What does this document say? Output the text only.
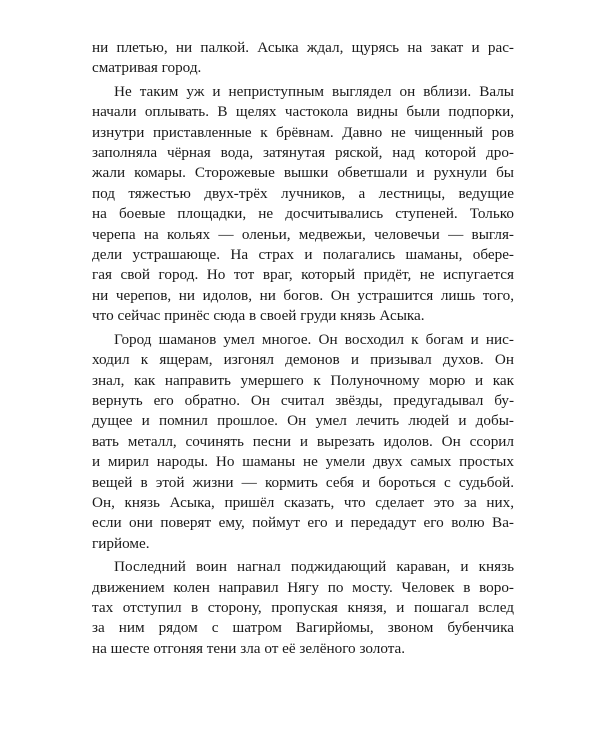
ни плетью, ни палкой. Асыка ждал, щурясь на закат и рас-
сматривая город.

Не таким уж и неприступным выглядел он вблизи. Валы
начали оплывать. В щелях частокола видны были подпорки,
изнутри приставленные к брёвнам. Давно не чищенный ров
заполняла чёрная вода, затянутая ряской, над которой дро-
жали комары. Сторожевые вышки обветшали и рухнули бы
под тяжестью двух-трёх лучников, а лестницы, ведущие
на боевые площадки, не досчитывались ступеней. Только
черепа на кольях — оленьи, медвежьи, человечьи — выгля-
дели устрашающе. На страх и полагались шаманы, обере-
гая свой город. Но тот враг, который придёт, не испугается
ни черепов, ни идолов, ни богов. Он устрашится лишь того,
что сейчас принёс сюда в своей груди князь Асыка.

Город шаманов умел многое. Он восходил к богам и нис-
ходил к ящерам, изгонял демонов и призывал духов. Он
знал, как направить умершего к Полуночному морю и как
вернуть его обратно. Он считал звёзды, предугадывал бу-
дущее и помнил прошлое. Он умел лечить людей и добы-
вать металл, сочинять песни и вырезать идолов. Он ссорил
и мирил народы. Но шаманы не умели двух самых простых
вещей в этой жизни — кормить себя и бороться с судьбой.
Он, князь Асыка, пришёл сказать, что сделает это за них,
если они поверят ему, поймут его и передадут его волю Ва-
гирйоме.

Последний воин нагнал поджидающий караван, и князь
движением колен направил Нягу по мосту. Человек в воро-
тах отступил в сторону, пропуская князя, и пошагал вслед
за ним рядом с шатром Вагирйомы, звоном бубенчика
на шесте отгоняя тени зла от её зелёного золота.
